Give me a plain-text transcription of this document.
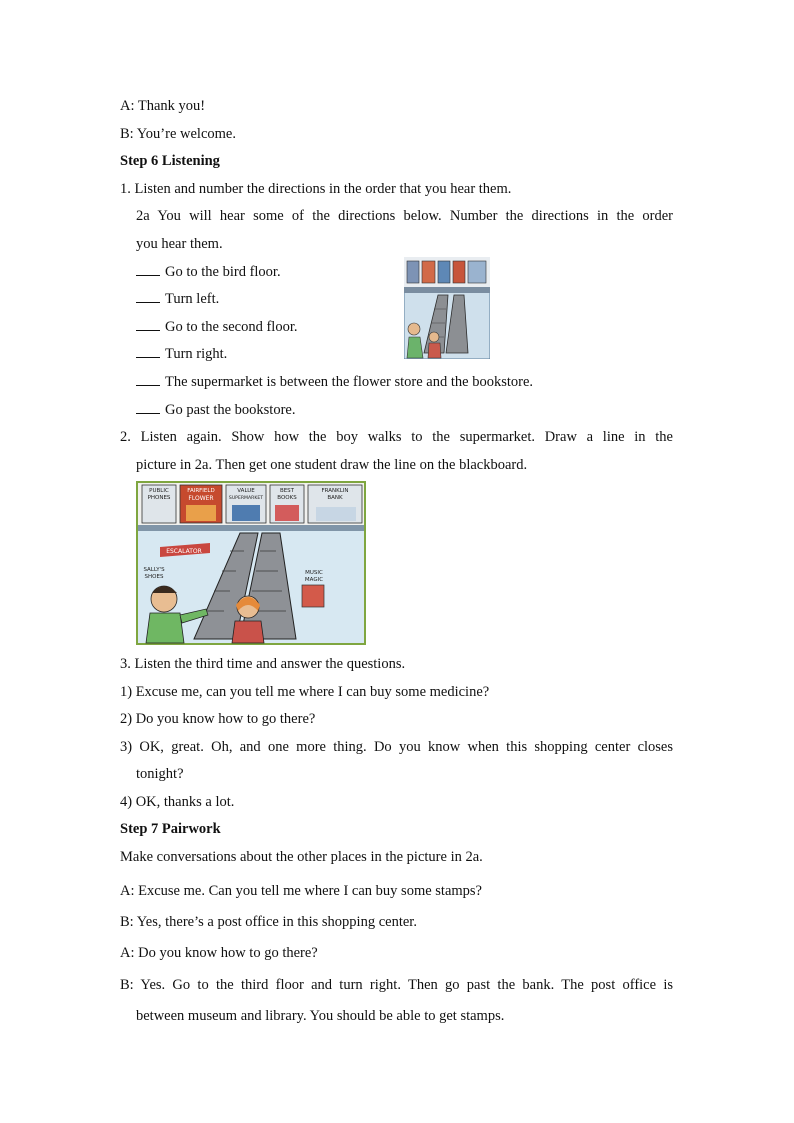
A: Thank you!
B: You’re welcome.
Step 6 Listening
1. Listen and number the directions in the order that you hear them.
2a You will hear some of the directions below. Number the directions in the order
you hear them.
Go to the bird floor.
Turn left.
Go to the second floor.
Turn right.
The supermarket is between the flower store and the bookstore.
Go past the bookstore.
2. Listen again. Show how the boy walks to the supermarket. Draw a line in the
picture in 2a. Then get one student draw the line on the blackboard.
PUBLIC
PHONES
FAIRFIELD
FLOWER
VALUE
SUPERMARKET
BEST
BOOKS
FRANKLIN
BANK
ESCALATOR
SALLY'S
SHOES
MUSIC
MAGIC
3. Listen the third time and answer the questions.
1) Excuse me, can you tell me where I can buy some medicine?
2) Do you know how to go there?
3) OK, great. Oh, and one more thing. Do you know when this shopping center closes
tonight?
4) OK, thanks a lot.
Step 7 Pairwork
Make conversations about the other places in the picture in 2a.
A: Excuse me. Can you tell me where I can buy some stamps?
B: Yes, there’s a post office in this shopping center.
A: Do you know how to go there?
B: Yes. Go to the third floor and turn right. Then go past the bank. The post office is
between museum and library. You should be able to get stamps.
